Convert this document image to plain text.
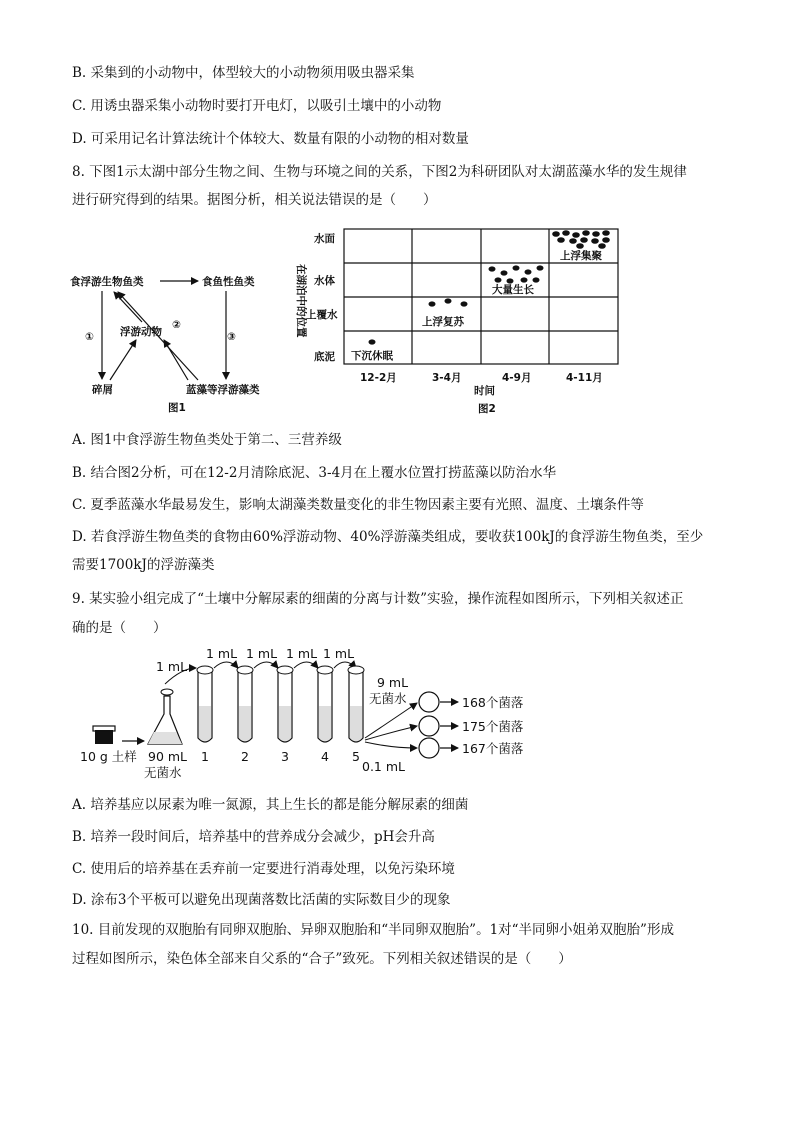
B. 采集到的小动物中，体型较大的小动物须用吸虫器采集
C. 用诱虫器采集小动物时要打开电灯，以吸引土壤中的小动物
D. 可采用记名计算法统计个体较大、数量有限的小动物的相对数量
8. 下图1示太湖中部分生物之间、生物与环境之间的关系，下图2为科研团队对太湖蓝藻水华的发生规律
进行研究得到的结果。据图分析，相关说法错误的是（　　）
食浮游生物鱼类	食鱼性鱼类
浮游动物
碎屑	蓝藻等浮游藻类
①
②
③
图1
在湖泊中的位置
水面
水体
上覆水
底泥
12-2月	3-4月	4-9月	4-11月
时间
图2
下沉休眠
上浮复苏
大量生长
上浮集聚
A. 图1中食浮游生物鱼类处于第二、三营养级
B. 结合图2分析，可在12-2月清除底泥、3-4月在上覆水位置打捞蓝藻以防治水华
C. 夏季蓝藻水华最易发生，影响太湖藻类数量变化的非生物因素主要有光照、温度、土壤条件等
D. 若食浮游生物鱼类的食物由60%浮游动物、40%浮游藻类组成，要收获100kJ的食浮游生物鱼类，至少
需要1700kJ的浮游藻类
9. 某实验小组完成了“土壤中分解尿素的细菌的分离与计数”实验，操作流程如图所示，下列相关叙述正
确的是（　　）
1 mL
1 mL 1 mL 1 mL 1 mL
9 mL
无菌水
10 g 土样 90 mL
无菌水
1	2	3	4 5
0.1 mL
168个菌落
175个菌落
167个菌落
A. 培养基应以尿素为唯一氮源，其上生长的都是能分解尿素的细菌
B. 培养一段时间后，培养基中的营养成分会减少，pH会升高
C. 使用后的培养基在丢弃前一定要进行消毒处理，以免污染环境
D. 涂布3个平板可以避免出现菌落数比活菌的实际数目少的现象
10. 目前发现的双胞胎有同卵双胞胎、异卵双胞胎和“半同卵双胞胎”。1对“半同卵小姐弟双胞胎”形成
过程如图所示，染色体全部来自父系的“合子”致死。下列相关叙述错误的是（　　）
